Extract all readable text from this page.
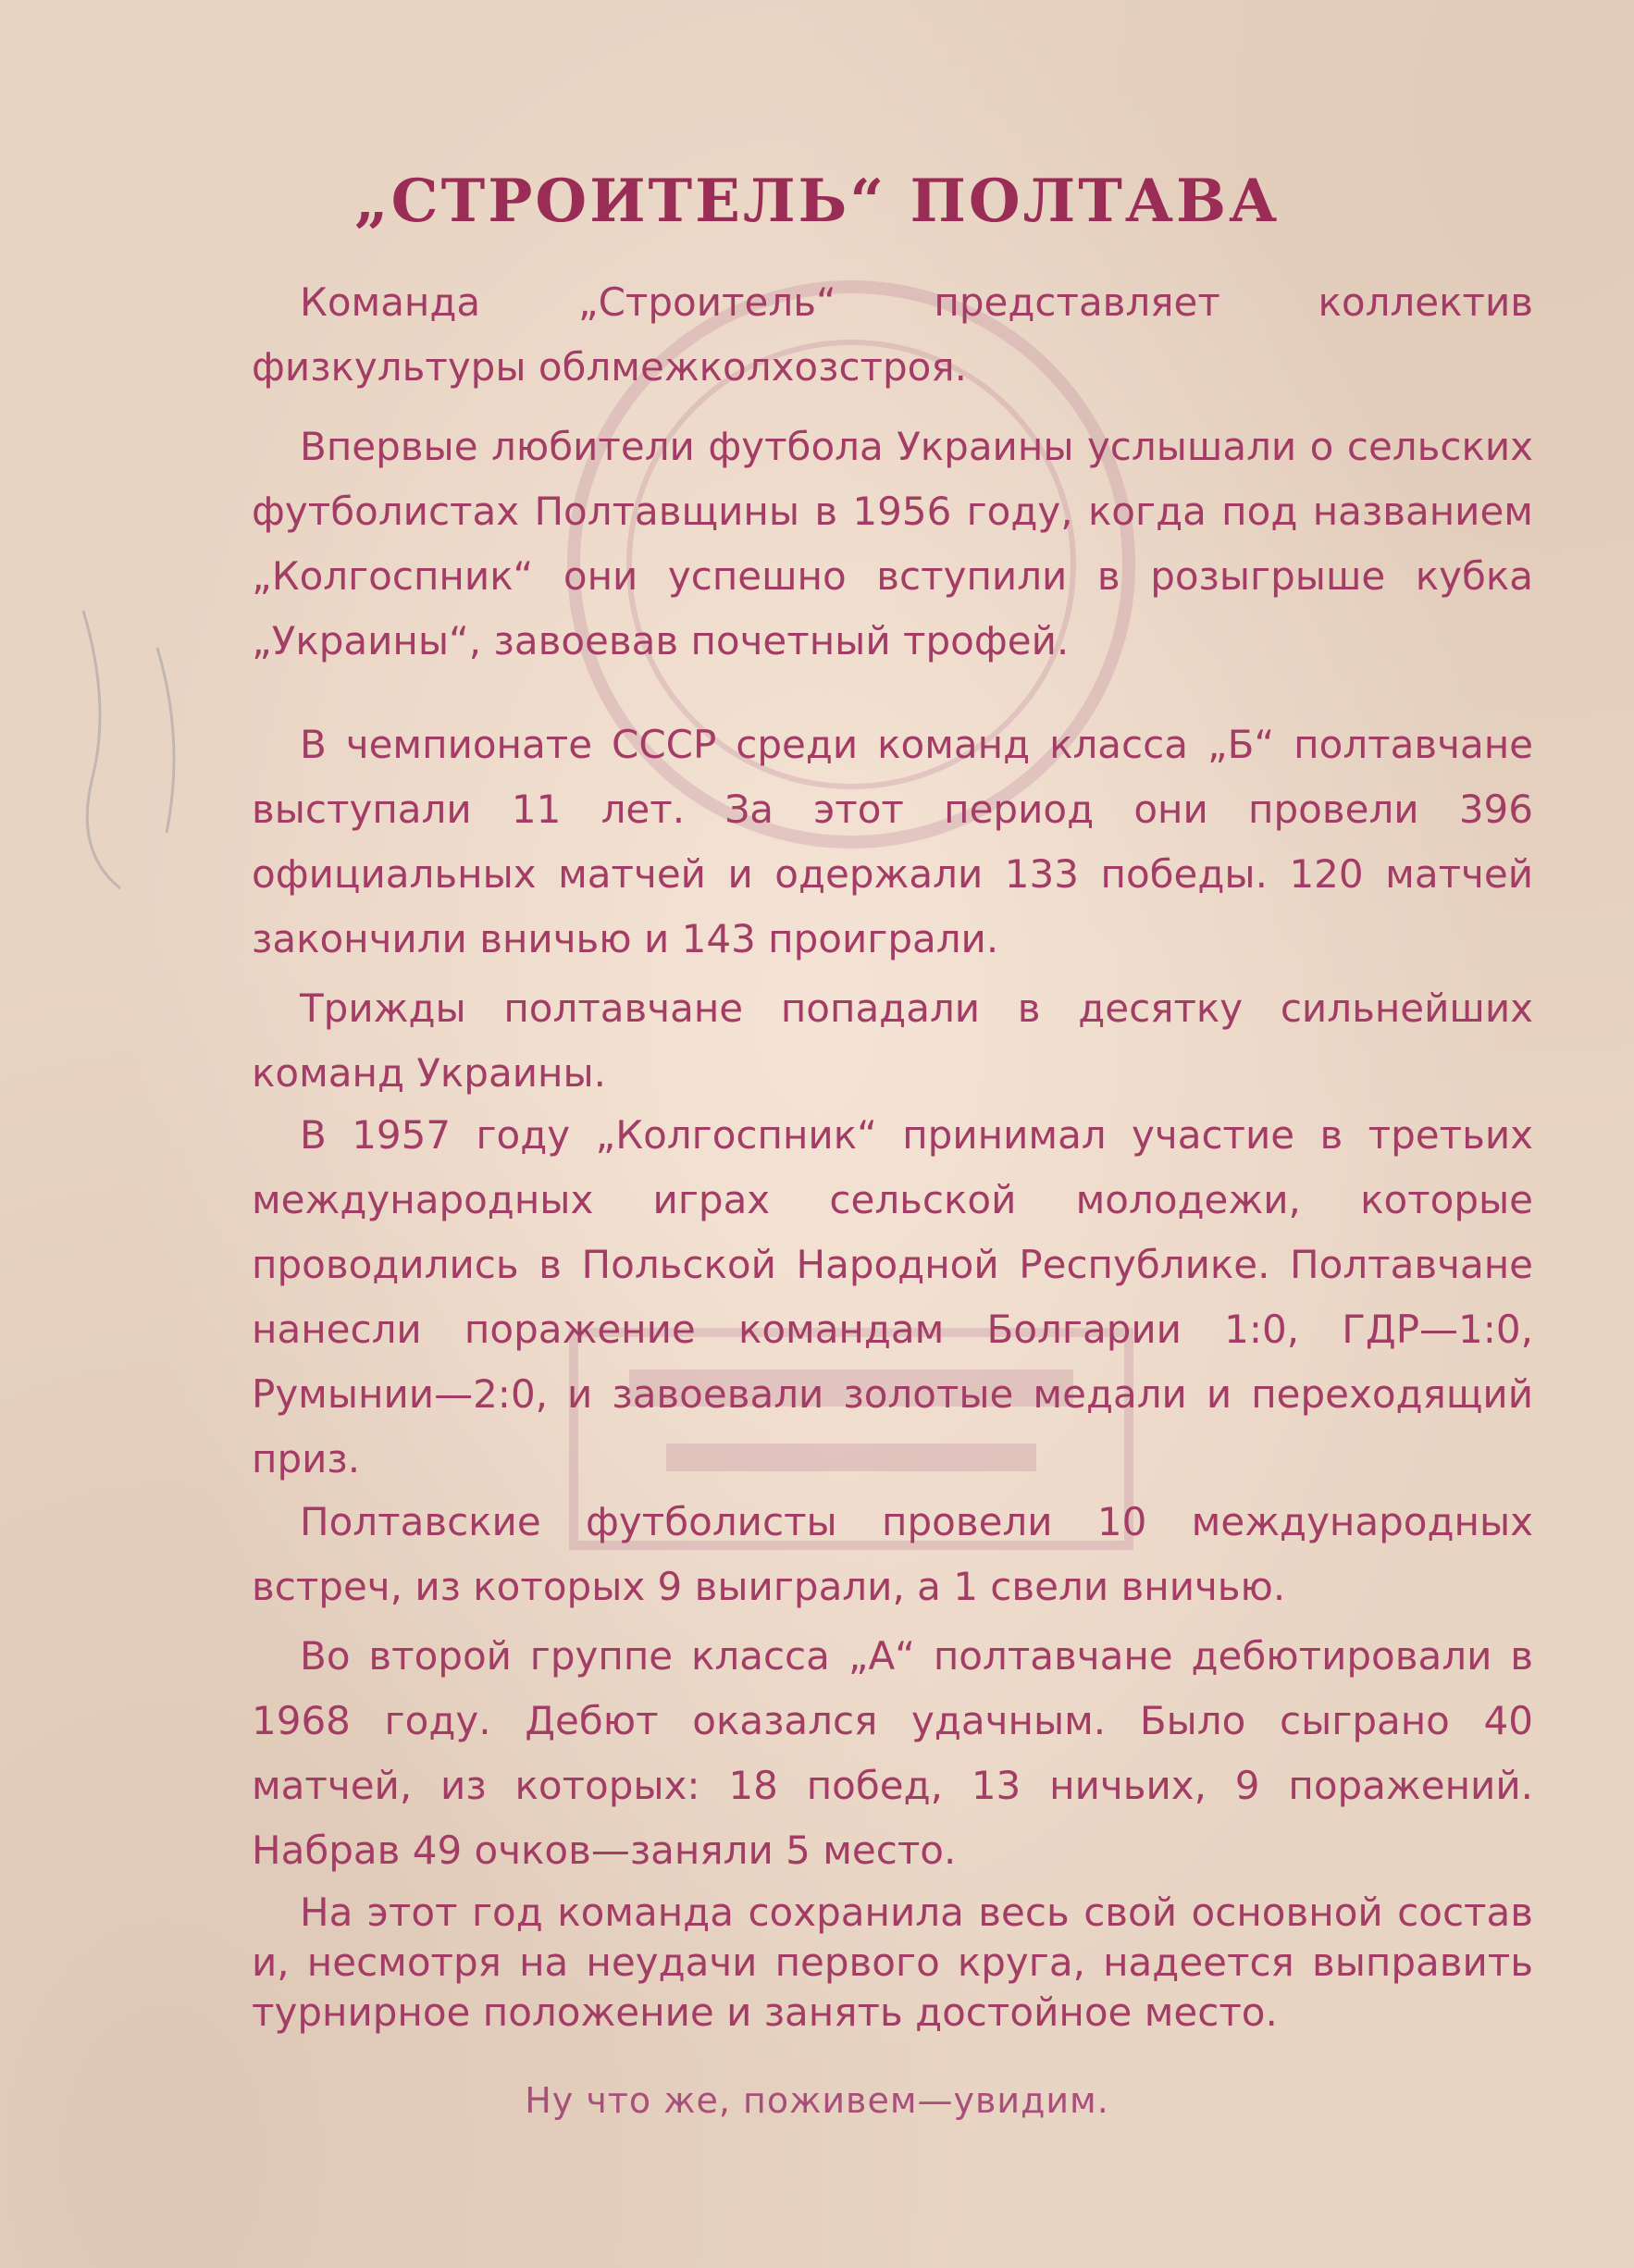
„СТРОИТЕЛЬ“ ПОЛТАВА

Команда „Строитель“ представляет коллектив физкультуры облмежколхозстроя.

Впервые любители футбола Украины услышали о сельских футболистах Полтавщины в 1956 году, когда под названием „Колгоспник“ они успешно вступили в розыгрыше кубка „Украины“, завоевав почетный трофей.

В чемпионате СССР среди команд класса „Б“ полтавчане выступали 11 лет. За этот период они провели 396 официальных матчей и одержали 133 победы. 120 матчей закончили вничью и 143 проиграли.

Трижды полтавчане попадали в десятку сильнейших команд Украины.

В 1957 году „Колгоспник“ принимал участие в третьих международных играх сельской молодежи, которые проводились в Польской Народной Республике. Полтавчане нанесли поражение командам Болгарии 1:0, ГДР—1:0, Румынии—2:0, и завоевали золотые медали и переходящий приз.

Полтавские футболисты провели 10 международных встреч, из которых 9 выиграли, а 1 свели вничью.

Во второй группе класса „А“ полтавчане дебютировали в 1968 году. Дебют оказался удачным. Было сыграно 40 матчей, из которых: 18 побед, 13 ничьих, 9 поражений. Набрав 49 очков—заняли 5 место.

На этот год команда сохранила весь свой основной состав и, несмотря на неудачи первого круга, надеется выправить турнирное положение и занять достойное место.

Ну что же, поживем—увидим.
